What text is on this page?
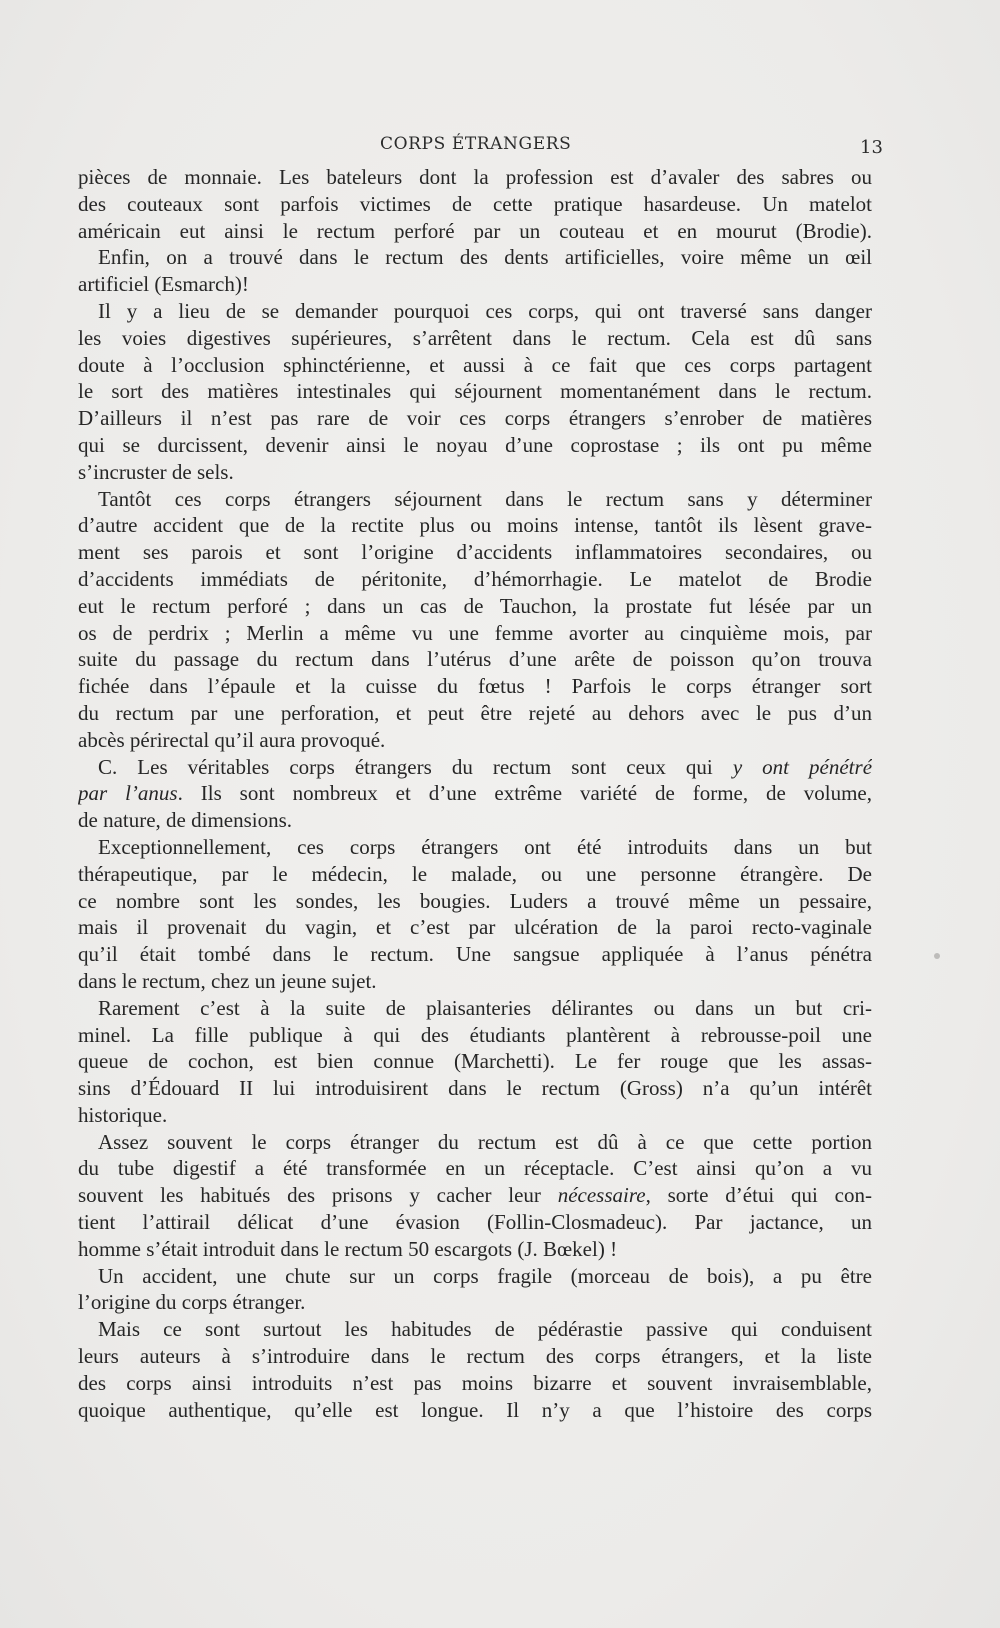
CORPS ÉTRANGERS	13
pièces de monnaie. Les bateleurs dont la profession est d’avaler des sabres ou
des couteaux sont parfois victimes de cette pratique hasardeuse. Un matelot
américain eut ainsi le rectum perforé par un couteau et en mourut (Brodie).
Enfin, on a trouvé dans le rectum des dents artificielles, voire même un œil
artificiel (Esmarch)!
Il y a lieu de se demander pourquoi ces corps, qui ont traversé sans danger
les voies digestives supérieures, s’arrêtent dans le rectum. Cela est dû sans
doute à l’occlusion sphinctérienne, et aussi à ce fait que ces corps partagent
le sort des matières intestinales qui séjournent momentanément dans le rectum.
D’ailleurs il n’est pas rare de voir ces corps étrangers s’enrober de matières
qui se durcissent, devenir ainsi le noyau d’une coprostase ; ils ont pu même
s’incruster de sels.
Tantôt ces corps étrangers séjournent dans le rectum sans y déterminer
d’autre accident que de la rectite plus ou moins intense, tantôt ils lèsent grave-
ment ses parois et sont l’origine d’accidents inflammatoires secondaires, ou
d’accidents immédiats de péritonite, d’hémorrhagie. Le matelot de Brodie
eut le rectum perforé ; dans un cas de Tauchon, la prostate fut lésée par un
os de perdrix ; Merlin a même vu une femme avorter au cinquième mois, par
suite du passage du rectum dans l’utérus d’une arête de poisson qu’on trouva
fichée dans l’épaule et la cuisse du fœtus ! Parfois le corps étranger sort
du rectum par une perforation, et peut être rejeté au dehors avec le pus d’un
abcès périrectal qu’il aura provoqué.
C. Les véritables corps étrangers du rectum sont ceux qui y ont pénétré
par l’anus. Ils sont nombreux et d’une extrême variété de forme, de volume,
de nature, de dimensions.
Exceptionnellement, ces corps étrangers ont été introduits dans un but
thérapeutique, par le médecin, le malade, ou une personne étrangère. De
ce nombre sont les sondes, les bougies. Luders a trouvé même un pessaire,
mais il provenait du vagin, et c’est par ulcération de la paroi recto-vaginale
qu’il était tombé dans le rectum. Une sangsue appliquée à l’anus pénétra
dans le rectum, chez un jeune sujet.
Rarement c’est à la suite de plaisanteries délirantes ou dans un but cri-
minel. La fille publique à qui des étudiants plantèrent à rebrousse-poil une
queue de cochon, est bien connue (Marchetti). Le fer rouge que les assas-
sins d’Édouard II lui introduisirent dans le rectum (Gross) n’a qu’un intérêt
historique.
Assez souvent le corps étranger du rectum est dû à ce que cette portion
du tube digestif a été transformée en un réceptacle. C’est ainsi qu’on a vu
souvent les habitués des prisons y cacher leur nécessaire, sorte d’étui qui con-
tient l’attirail délicat d’une évasion (Follin-Closmadeuc). Par jactance, un
homme s’était introduit dans le rectum 50 escargots (J. Bœkel) !
Un accident, une chute sur un corps fragile (morceau de bois), a pu être
l’origine du corps étranger.
Mais ce sont surtout les habitudes de pédérastie passive qui conduisent
leurs auteurs à s’introduire dans le rectum des corps étrangers, et la liste
des corps ainsi introduits n’est pas moins bizarre et souvent invraisemblable,
quoique authentique, qu’elle est longue. Il n’y a que l’histoire des corps
